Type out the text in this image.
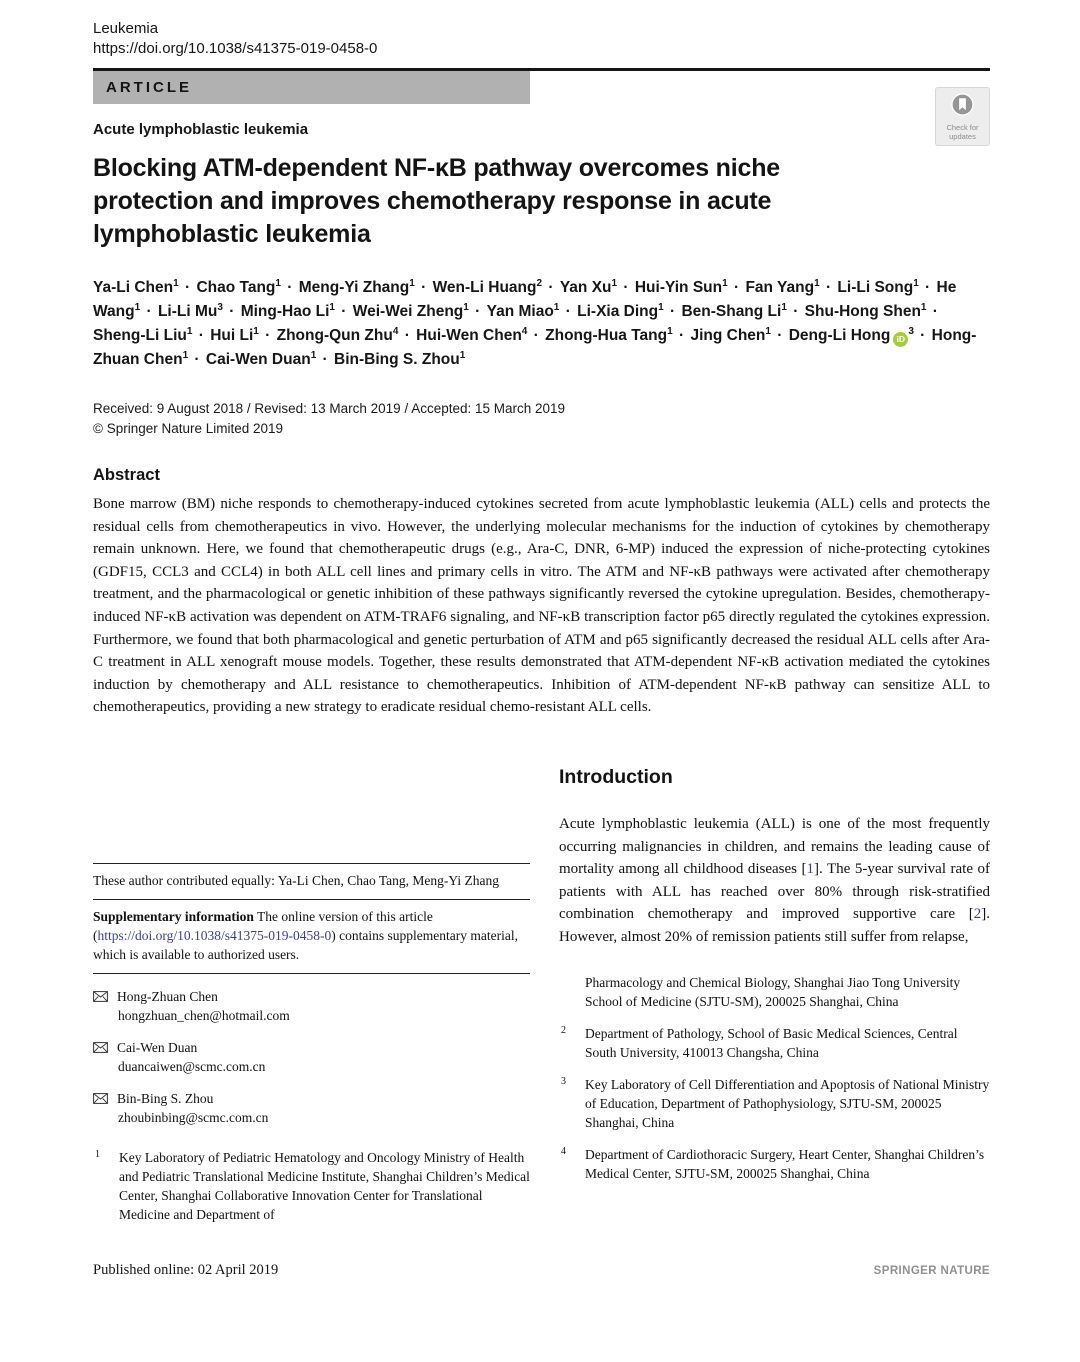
Leukemia
https://doi.org/10.1038/s41375-019-0458-0
ARTICLE
Check for
updates
Acute lymphoblastic leukemia
Blocking ATM-dependent NF-κB pathway overcomes niche protection and improves chemotherapy response in acute lymphoblastic leukemia
Ya-Li Chen$^1$ · Chao Tang$^1$ · Meng-Yi Zhang$^1$ · Wen-Li Huang$^2$ · Yan $Xu^1 \cdot Hui-Yin$ Sun$^1$ · Fan Yang$^1$ · Li-Li Song$^1$ · He Wang$^1$ · Li-Li $Mu^3$ · Ming-Hao $Li^1 \cdot Wei-Wei$ Zheng$^1$ · Yan Miao$^1$ · Li-Xia Ding$^1$ · Ben-Shang $Li^1$ · Shu-Hong Shen$^1$ · Sheng-Li Liu$^1$ · Hui $Li^1$ · Zhong-Qun Zhu$^4$ · Hui-Wen Chen$^4$ · Zhong-Hua Tang$^1$ · Jing Chen$^1$ · Deng-Li Hong $iD^3$ · Hong-Zhuan Chen$^1$ · Cai-Wen Duan$^1$ · Bin-Bing S. Zhou$^1$
Received: 9 August 2018 / Revised: 13 March 2019 / Accepted: 15 March 2019
© Springer Nature Limited 2019
Abstract
Bone marrow (BM) niche responds to chemotherapy-induced cytokines secreted from acute lymphoblastic leukemia (ALL) cells and protects the residual cells from chemotherapeutics in vivo. However, the underlying molecular mechanisms for the induction of cytokines by chemotherapy remain unknown. Here, we found that chemotherapeutic drugs (e.g., Ara-C, DNR, 6-MP) induced the expression of niche-protecting cytokines (GDF15, CCL3 and CCL4) in both ALL cell lines and primary cells in vitro. The ATM and NF-κB pathways were activated after chemotherapy treatment, and the pharmacological or genetic inhibition of these pathways significantly reversed the cytokine upregulation. Besides, chemotherapy-induced NF-κB activation was dependent on ATM-TRAF6 signaling, and NF-κB transcription factor p65 directly regulated the cytokines expression. Furthermore, we found that both pharmacological and genetic perturbation of ATM and p65 significantly decreased the residual ALL cells after Ara-C treatment in ALL xenograft mouse models. Together, these results demonstrated that ATM-dependent NF-κB activation mediated the cytokines induction by chemotherapy and ALL resistance to chemotherapeutics. Inhibition of ATM-dependent NF-κB pathway can sensitize ALL to chemotherapeutics, providing a new strategy to eradicate residual chemo-resistant ALL cells.
These author contributed equally: Ya-Li Chen, Chao Tang, Meng-Yi Zhang
Supplementary information The online version of this article (https://doi.org/10.1038/s41375-019-0458-0) contains supplementary material, which is available to authorized users.
Hong-Zhuan Chen
hongzhuan_chen@hotmail.com
Cai-Wen Duan
duancaiwen@scmc.com.cn
Bin-Bing S. Zhou
zhoubinbing@scmc.com.cn
1 Key Laboratory of Pediatric Hematology and Oncology Ministry of Health and Pediatric Translational Medicine Institute, Shanghai Children’s Medical Center, Shanghai Collaborative Innovation Center for Translational Medicine and Department of
Introduction
Acute lymphoblastic leukemia (ALL) is one of the most frequently occurring malignancies in children, and remains the leading cause of mortality among all childhood diseases [1]. The 5-year survival rate of patients with ALL has reached over 80% through risk-stratified combination chemotherapy and improved supportive care [2]. However, almost 20% of remission patients still suffer from relapse,
Pharmacology and Chemical Biology, Shanghai Jiao Tong University School of Medicine (SJTU-SM), 200025 Shanghai, China
2 Department of Pathology, School of Basic Medical Sciences, Central South University, 410013 Changsha, China
3 Key Laboratory of Cell Differentiation and Apoptosis of National Ministry of Education, Department of Pathophysiology, SJTU-SM, 200025 Shanghai, China
4 Department of Cardiothoracic Surgery, Heart Center, Shanghai Children’s Medical Center, SJTU-SM, 200025 Shanghai, China
Published online: 02 April 2019	SPRINGER NATURE
